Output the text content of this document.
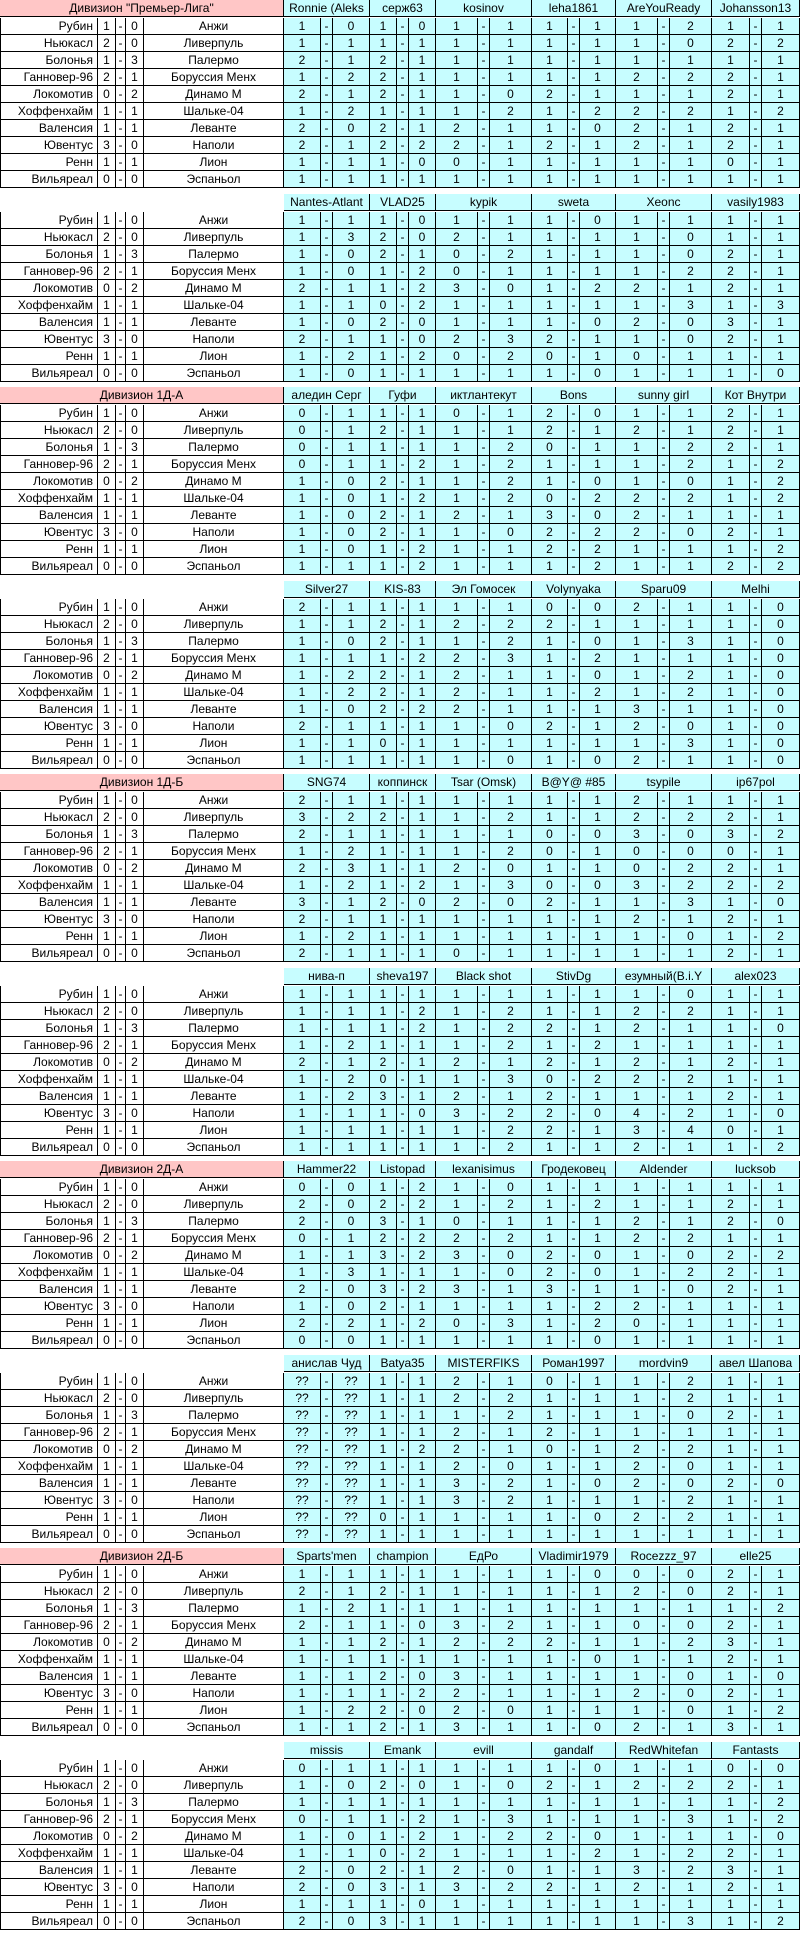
Дивизион "Премьер-Лига"	Ronnie (Aleks	серж63	kosinov	leha1861	AreYouReady	Johansson13
Рубин 1 - 0	Анжи	1	-	0	1	-	0	1	-	1	1	-	1	1	-	2	1	-	1
Ньюкасл 2 - 0	Ливерпуль	1	-	1	1	-	1	1	-	1	1	-	1	1	-	0	2	-	2
Болонья 1 - 3	Палермо	2	-	1	2	-	1	1	-	1	1	-	1	1	-	1	1	-	1
Ганновер-96 2 - 1	Боруссия Менх	1	-	2	2	-	1	1	-	1	1	-	1	2	-	2	2	-	1
Локомотив 0 - 2	Динамо М	2	-	1	2	-	1	1	-	0	2	-	1	1	-	1	2	-	1
Хоффенхайм 1 - 1	Шальке-04	1	-	2	1	-	1	1	-	2	1	-	2	2	-	2	1	-	2
Валенсия 1 - 1	Леванте	2	-	0	2	-	1	2	-	1	1	-	0	2	-	1	2	-	1
Ювентус 3 - 0	Наполи	2	-	1	2	-	2	2	-	1	2	-	1	2	-	1	2	-	1
Ренн 1 - 1	Лион	1	-	1	1	-	0	0	-	1	1	-	1	1	-	1	0	-	1
Вильяреал 0 - 0	Эспаньол	1	-	1	1	-	1	1	-	1	1	-	1	1	-	1	1	-	1
Nantes-Atlant	VLAD25	kypik	sweta	Xeonc	vasily1983
Рубин 1 - 0	Анжи	1	-	1	1	-	0	1	-	1	1	-	0	1	-	1	1	-	1
Ньюкасл 2 - 0	Ливерпуль	1	-	3	2	-	0	2	-	1	1	-	1	1	-	0	1	-	1
Болонья 1 - 3	Палермо	1	-	0	2	-	1	0	-	2	1	-	1	1	-	0	2	-	1
Ганновер-96 2 - 1	Боруссия Менх	1	-	0	1	-	2	0	-	1	1	-	1	1	-	2	2	-	1
Локомотив 0 - 2	Динамо М	2	-	1	1	-	2	3	-	0	1	-	2	2	-	1	2	-	1
Хоффенхайм 1 - 1	Шальке-04	1	-	1	0	-	2	1	-	1	1	-	1	1	-	3	1	-	3
Валенсия 1 - 1	Леванте	1	-	0	2	-	0	1	-	1	1	-	0	2	-	0	3	-	1
Ювентус 3 - 0	Наполи	2	-	1	1	-	0	2	-	3	2	-	1	1	-	0	2	-	1
Ренн 1 - 1	Лион	1	-	2	1	-	2	0	-	2	0	-	1	0	-	1	1	-	1
Вильяреал 0 - 0	Эспаньол	1	-	0	1	-	1	1	-	1	1	-	0	1	-	1	1	-	0
Дивизион 1Д-А	аледин Серг	Гуфи	иктлантекут	Bons	sunny girl	Кот Внутри
Рубин 1 - 0	Анжи	0	-	1	1	-	1	0	-	1	2	-	0	1	-	1	2	-	1
Ньюкасл 2 - 0	Ливерпуль	0	-	1	2	-	1	1	-	1	2	-	1	2	-	1	2	-	1
Болонья 1 - 3	Палермо	0	-	1	1	-	1	1	-	2	0	-	1	1	-	2	2	-	1
Ганновер-96 2 - 1	Боруссия Менх	0	-	1	1	-	2	1	-	2	1	-	1	1	-	2	1	-	2
Локомотив 0 - 2	Динамо М	1	-	0	2	-	1	1	-	2	1	-	0	1	-	0	1	-	2
Хоффенхайм 1 - 1	Шальке-04	1	-	0	1	-	2	1	-	2	0	-	2	2	-	2	1	-	2
Валенсия 1 - 1	Леванте	1	-	0	2	-	1	2	-	1	3	-	0	2	-	1	1	-	1
Ювентус 3 - 0	Наполи	1	-	0	2	-	1	1	-	0	2	-	2	2	-	0	2	-	1
Ренн 1 - 1	Лион	1	-	0	1	-	2	1	-	1	2	-	2	1	-	1	1	-	2
Вильяреал 0 - 0	Эспаньол	1	-	1	1	-	2	1	-	1	1	-	2	1	-	1	2	-	2
Silver27	KIS-83	Эл Гомосек	Volynyaka	Sparu09	Melhi
Рубин 1 - 0	Анжи	2	-	1	1	-	1	1	-	1	0	-	0	2	-	1	1	-	0
Ньюкасл 2 - 0	Ливерпуль	1	-	1	2	-	1	2	-	2	2	-	1	1	-	1	1	-	0
Болонья 1 - 3	Палермо	1	-	0	2	-	1	1	-	2	1	-	0	1	-	3	1	-	0
Ганновер-96 2 - 1	Боруссия Менх	1	-	1	1	-	2	2	-	3	1	-	2	1	-	1	1	-	0
Локомотив 0 - 2	Динамо М	1	-	2	2	-	1	2	-	1	1	-	0	1	-	2	1	-	0
Хоффенхайм 1 - 1	Шальке-04	1	-	2	2	-	1	2	-	1	1	-	2	1	-	2	1	-	0
Валенсия 1 - 1	Леванте	1	-	0	2	-	2	2	-	1	1	-	1	3	-	1	1	-	0
Ювентус 3 - 0	Наполи	2	-	1	1	-	1	1	-	0	2	-	1	2	-	0	1	-	0
Ренн 1 - 1	Лион	1	-	1	0	-	1	1	-	1	1	-	1	1	-	3	1	-	0
Вильяреал 0 - 0	Эспаньол	1	-	1	1	-	1	1	-	0	1	-	0	2	-	1	1	-	0
Дивизион 1Д-Б	SNG74	коппинск	Tsar (Omsk)	B@Y@ #85	tsypile	ip67pol
Рубин 1 - 0	Анжи	2	-	1	1	-	1	1	-	1	1	-	1	2	-	1	1	-	1
Ньюкасл 2 - 0	Ливерпуль	3	-	2	2	-	1	1	-	2	1	-	1	2	-	2	2	-	1
Болонья 1 - 3	Палермо	2	-	1	1	-	1	1	-	1	0	-	0	3	-	0	3	-	2
Ганновер-96 2 - 1	Боруссия Менх	1	-	2	1	-	1	1	-	2	0	-	1	0	-	0	0	-	1
Локомотив 0 - 2	Динамо М	2	-	3	1	-	1	2	-	0	1	-	1	0	-	2	2	-	1
Хоффенхайм 1 - 1	Шальке-04	1	-	2	1	-	2	1	-	3	0	-	0	3	-	2	2	-	2
Валенсия 1 - 1	Леванте	3	-	1	2	-	0	2	-	0	2	-	1	1	-	3	1	-	0
Ювентус 3 - 0	Наполи	2	-	1	1	-	1	1	-	1	1	-	1	2	-	1	2	-	1
Ренн 1 - 1	Лион	1	-	2	1	-	1	1	-	1	1	-	1	1	-	0	1	-	2
Вильяреал 0 - 0	Эспаньол	2	-	1	1	-	1	0	-	1	1	-	1	1	-	1	2	-	1
нива-п	sheva197	Black shot	StivDg	езумный(B.i.Y	alex023
Рубин 1 - 0	Анжи	1	-	1	1	-	1	1	-	1	1	-	1	1	-	0	1	-	1
Ньюкасл 2 - 0	Ливерпуль	1	-	1	1	-	2	1	-	2	1	-	1	2	-	2	1	-	1
Болонья 1 - 3	Палермо	1	-	1	1	-	2	1	-	2	2	-	1	2	-	1	1	-	0
Ганновер-96 2 - 1	Боруссия Менх	1	-	2	1	-	1	1	-	2	1	-	2	1	-	1	1	-	1
Локомотив 0 - 2	Динамо М	2	-	1	2	-	1	2	-	1	2	-	1	2	-	1	2	-	1
Хоффенхайм 1 - 1	Шальке-04	1	-	2	0	-	1	1	-	3	0	-	2	2	-	2	1	-	1
Валенсия 1 - 1	Леванте	1	-	2	3	-	1	2	-	1	2	-	1	1	-	1	2	-	1
Ювентус 3 - 0	Наполи	1	-	1	1	-	0	3	-	2	2	-	0	4	-	2	1	-	0
Ренн 1 - 1	Лион	1	-	1	1	-	1	1	-	2	2	-	1	3	-	4	0	-	1
Вильяреал 0 - 0	Эспаньол	1	-	1	1	-	1	1	-	2	1	-	1	2	-	1	1	-	2
Дивизион 2Д-А	Hammer22	Listopad	lexanisimus	Гродековец	Aldender	lucksob
Рубин 1 - 0	Анжи	0	-	0	1	-	2	1	-	0	1	-	1	1	-	1	1	-	1
Ньюкасл 2 - 0	Ливерпуль	2	-	0	2	-	2	1	-	2	1	-	2	1	-	1	2	-	1
Болонья 1 - 3	Палермо	2	-	0	3	-	1	0	-	1	1	-	1	2	-	1	2	-	0
Ганновер-96 2 - 1	Боруссия Менх	0	-	1	2	-	2	2	-	2	1	-	1	2	-	2	1	-	1
Локомотив 0 - 2	Динамо М	1	-	1	3	-	2	3	-	0	2	-	0	1	-	0	2	-	2
Хоффенхайм 1 - 1	Шальке-04	1	-	3	1	-	1	1	-	0	2	-	0	1	-	2	2	-	1
Валенсия 1 - 1	Леванте	2	-	0	3	-	2	3	-	1	3	-	1	1	-	0	2	-	1
Ювентус 3 - 0	Наполи	1	-	0	2	-	1	1	-	1	1	-	2	2	-	1	1	-	1
Ренн 1 - 1	Лион	2	-	2	1	-	2	0	-	3	1	-	2	0	-	1	1	-	1
Вильяреал 0 - 0	Эспаньол	0	-	0	1	-	1	1	-	1	1	-	0	1	-	1	1	-	1
анислав Чуд	Batya35	MISTERFIKS	Роман1997	mordvin9	авел Шапова
Рубин 1 - 0	Анжи	??	-	??	1	-	1	2	-	1	0	-	1	1	-	2	1	-	1
Ньюкасл 2 - 0	Ливерпуль	??	-	??	1	-	1	2	-	2	1	-	1	1	-	2	1	-	1
Болонья 1 - 3	Палермо	??	-	??	1	-	1	1	-	2	1	-	1	1	-	0	2	-	1
Ганновер-96 2 - 1	Боруссия Менх	??	-	??	1	-	1	2	-	1	2	-	1	1	-	1	1	-	1
Локомотив 0 - 2	Динамо М	??	-	??	1	-	2	2	-	1	0	-	1	2	-	2	1	-	1
Хоффенхайм 1 - 1	Шальке-04	??	-	??	1	-	1	2	-	0	1	-	1	2	-	0	1	-	1
Валенсия 1 - 1	Леванте	??	-	??	1	-	1	3	-	2	1	-	0	2	-	0	2	-	0
Ювентус 3 - 0	Наполи	??	-	??	1	-	1	3	-	2	1	-	1	1	-	2	1	-	1
Ренн 1 - 1	Лион	??	-	??	0	-	1	1	-	1	1	-	0	2	-	2	1	-	1
Вильяреал 0 - 0	Эспаньол	??	-	??	1	-	1	1	-	1	1	-	1	1	-	1	1	-	1
Дивизион 2Д-Б	Sparts'men	champion	ЕдРо	Vladimir1979	Rocezzz_97	elle25
Рубин 1 - 0	Анжи	1	-	1	1	-	1	1	-	1	1	-	0	0	-	0	2	-	1
Ньюкасл 2 - 0	Ливерпуль	2	-	1	2	-	1	1	-	1	1	-	1	2	-	0	2	-	1
Болонья 1 - 3	Палермо	1	-	2	1	-	1	1	-	1	1	-	1	1	-	1	1	-	2
Ганновер-96 2 - 1	Боруссия Менх	2	-	1	1	-	0	3	-	2	1	-	1	0	-	0	2	-	1
Локомотив 0 - 2	Динамо М	1	-	1	2	-	1	2	-	2	2	-	1	1	-	2	3	-	1
Хоффенхайм 1 - 1	Шальке-04	1	-	1	1	-	1	1	-	1	1	-	0	1	-	1	2	-	1
Валенсия 1 - 1	Леванте	1	-	1	2	-	0	3	-	1	1	-	1	1	-	0	1	-	0
Ювентус 3 - 0	Наполи	1	-	1	1	-	2	2	-	1	1	-	1	2	-	0	2	-	1
Ренн 1 - 1	Лион	1	-	2	2	-	0	2	-	0	1	-	1	1	-	0	1	-	2
Вильяреал 0 - 0	Эспаньол	1	-	1	2	-	1	3	-	1	1	-	0	2	-	1	3	-	1
missis	Emank	evill	gandalf	RedWhitefan	Fantasts
Рубин 1 - 0	Анжи	0	-	1	1	-	1	1	-	1	1	-	0	1	-	1	0	-	0
Ньюкасл 2 - 0	Ливерпуль	1	-	0	2	-	0	1	-	0	2	-	1	2	-	2	2	-	1
Болонья 1 - 3	Палермо	1	-	1	1	-	1	1	-	1	1	-	1	1	-	1	1	-	2
Ганновер-96 2 - 1	Боруссия Менх	0	-	1	1	-	2	1	-	3	1	-	1	1	-	3	1	-	2
Локомотив 0 - 2	Динамо М	1	-	0	1	-	2	1	-	2	2	-	0	1	-	1	1	-	0
Хоффенхайм 1 - 1	Шальке-04	1	-	1	0	-	2	1	-	1	1	-	2	1	-	2	2	-	1
Валенсия 1 - 1	Леванте	2	-	0	2	-	1	2	-	0	1	-	1	3	-	2	3	-	1
Ювентус 3 - 0	Наполи	2	-	0	3	-	1	3	-	2	2	-	1	2	-	1	2	-	1
Ренн 1 - 1	Лион	1	-	1	1	-	0	1	-	1	1	-	1	1	-	1	1	-	1
Вильяреал 0 - 0	Эспаньол	2	-	0	3	-	1	1	-	1	1	-	1	1	-	3	1	-	2
